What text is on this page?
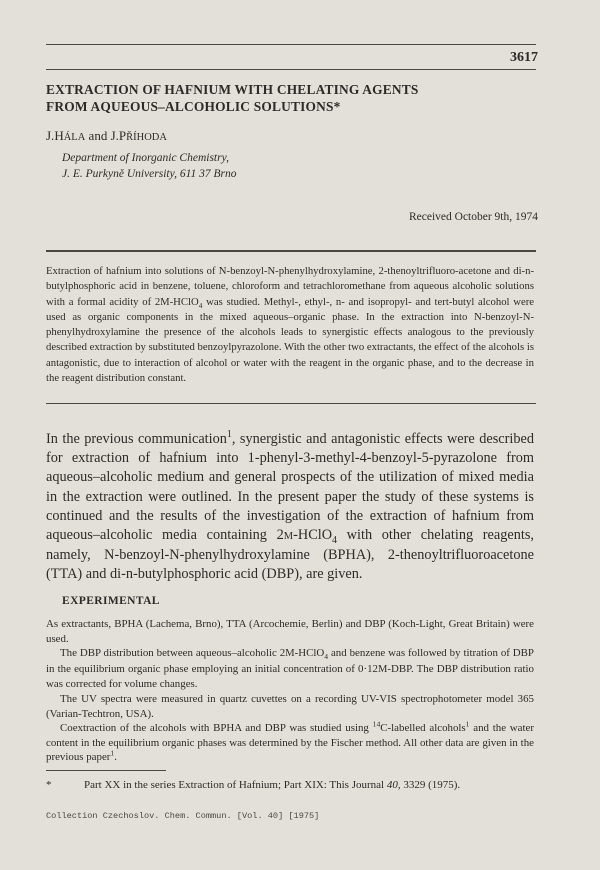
3617
EXTRACTION OF HAFNIUM WITH CHELATING AGENTS
FROM AQUEOUS–ALCOHOLIC SOLUTIONS*
J.HÁLA and J.PŘÍHODA
Department of Inorganic Chemistry,
J. E. Purkyně University, 611 37 Brno
Received October 9th, 1974
Extraction of hafnium into solutions of N-benzoyl-N-phenylhydroxylamine, 2-thenoyltrifluoro-acetone and di-n-butylphosphoric acid in benzene, toluene, chloroform and tetrachloromethane from aqueous alcoholic solutions with a formal acidity of 2M-HClO$_4$ was studied. Methyl-, ethyl-, n- and isopropyl- and tert-butyl alcohol were used as organic components in the mixed aqueous–organic phase. In the extraction into N-benzoyl-N-phenylhydroxylamine the presence of the alcohols leads to synergistic effects analogous to the previously described extraction by substituted benzoylpyrazolone. With the other two extractants, the effect of the alcohols is antagonistic, due to interaction of alcohol or water with the reagent in the organic phase, and to the decrease in the reagent distribution constant.
In the previous communication$^1$, synergistic and antagonistic effects were described for extraction of hafnium into 1-phenyl-3-methyl-4-benzoyl-5-pyrazolone from aqueous–alcoholic medium and general prospects of the utilization of mixed media in the extraction were outlined. In the present paper the study of these systems is continued and the results of the investigation of the extraction of hafnium from aqueous–alcoholic media containing 2M-HClO$_4$ with other chelating reagents, namely, N-benzoyl-N-phenylhydroxylamine (BPHA), 2-thenoyltrifluoroacetone (TTA) and di-n-butylphosphoric acid (DBP), are given.
EXPERIMENTAL

As extractants, BPHA (Lachema, Brno), TTA (Arcochemie, Berlin) and DBP (Koch-Light, Great Britain) were used.

The DBP distribution between aqueous–alcoholic 2M-HClO$_4$ and benzene was followed by titration of DBP in the equilibrium organic phase employing an initial concentration of 0·12M-DBP. The DBP distribution ratio was corrected for volume changes.

The UV spectra were measured in quartz cuvettes on a recording UV-VIS spectrophotometer model 365 (Varian-Techtron, USA).

Coextraction of the alcohols with BPHA and DBP was studied using $^{14}$C-labelled alcohols$^1$ and the water content in the equilibrium organic phases was determined by the Fischer method. All other data are given in the previous paper$^1$.

*	Part XX in the series Extraction of Hafnium; Part XIX: This Journal 40, 3329 (1975).
Collection Czechoslov. Chem. Commun. [Vol. 40] [1975]
